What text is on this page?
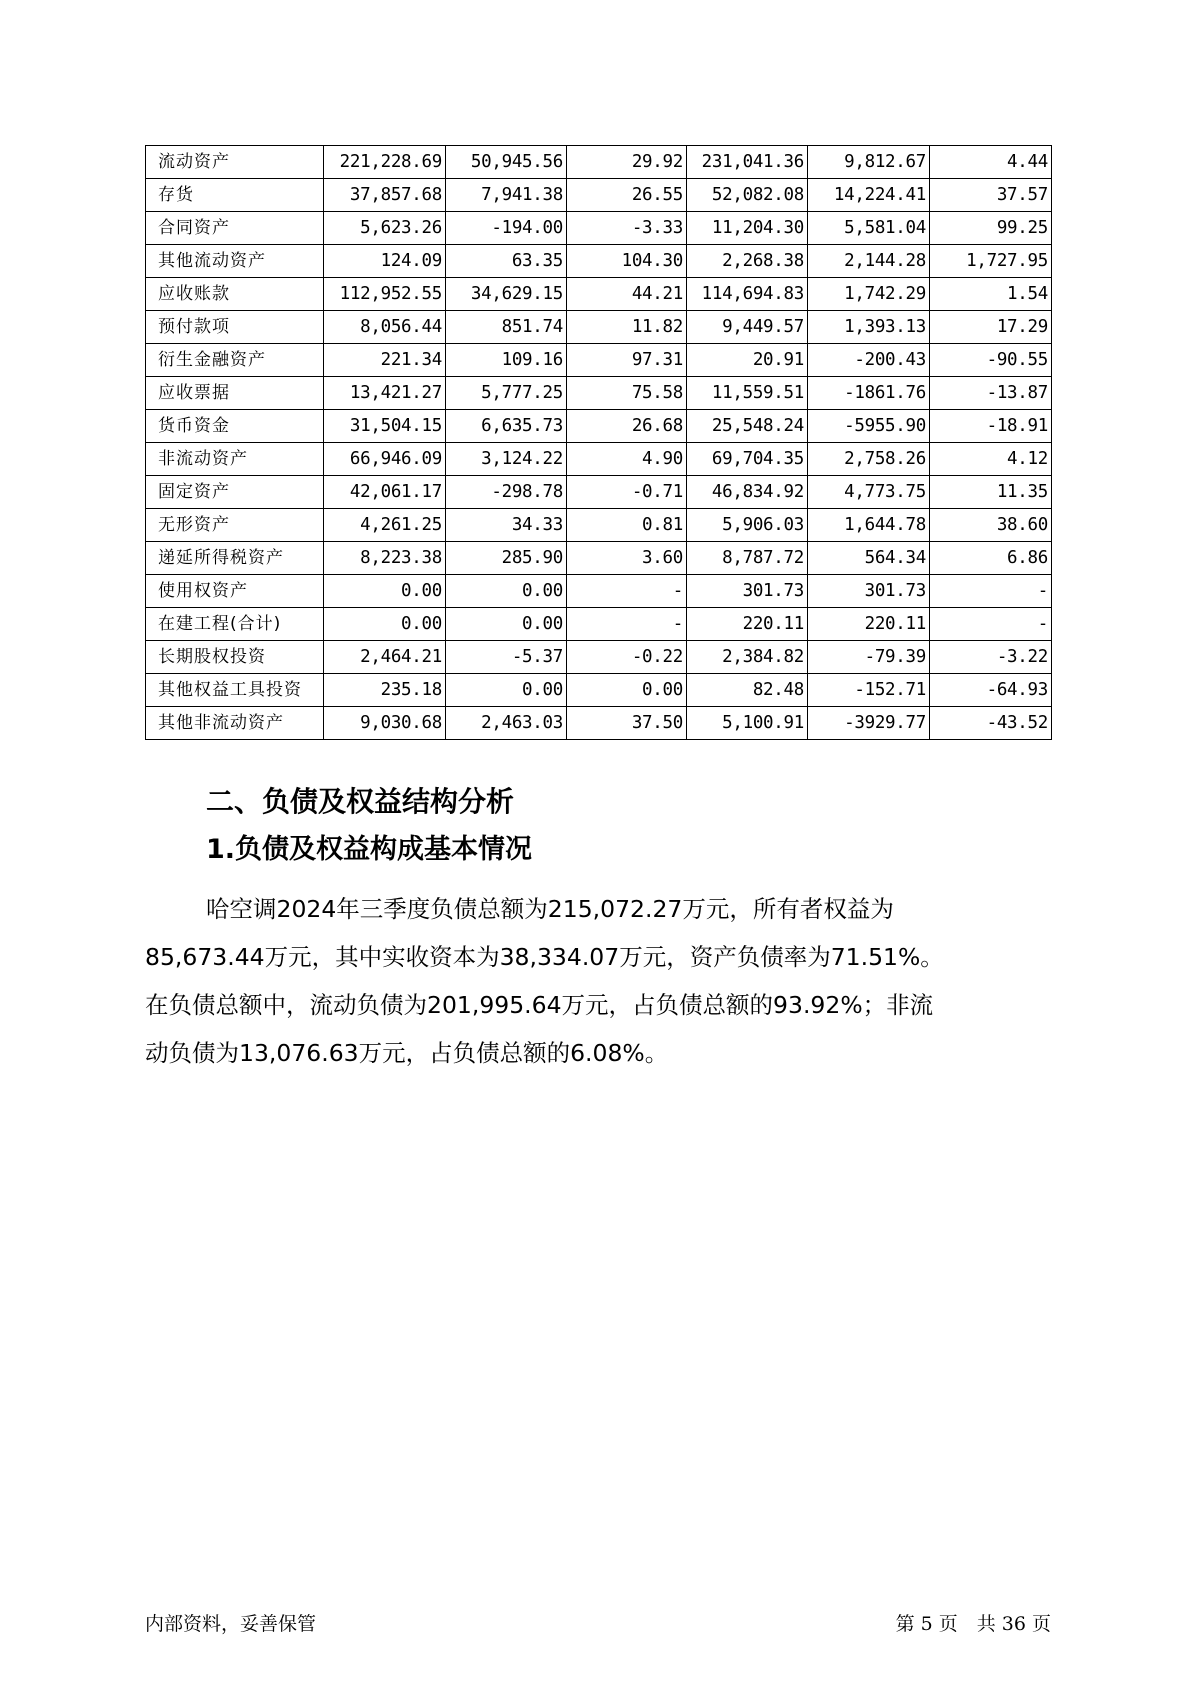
流动资产	221,228.69	50,945.56	29.92	231,041.36	9,812.67	4.44
存货	37,857.68	7,941.38	26.55	52,082.08	14,224.41	37.57
合同资产	5,623.26	-194.00	-3.33	11,204.30	5,581.04	99.25
其他流动资产	124.09	63.35	104.30	2,268.38	2,144.28	1,727.95
应收账款	112,952.55	34,629.15	44.21	114,694.83	1,742.29	1.54
预付款项	8,056.44	851.74	11.82	9,449.57	1,393.13	17.29
衍生金融资产	221.34	109.16	97.31	20.91	-200.43	-90.55
应收票据	13,421.27	5,777.25	75.58	11,559.51	-1861.76	-13.87
货币资金	31,504.15	6,635.73	26.68	25,548.24	-5955.90	-18.91
非流动资产	66,946.09	3,124.22	4.90	69,704.35	2,758.26	4.12
固定资产	42,061.17	-298.78	-0.71	46,834.92	4,773.75	11.35
无形资产	4,261.25	34.33	0.81	5,906.03	1,644.78	38.60
递延所得税资产	8,223.38	285.90	3.60	8,787.72	564.34	6.86
使用权资产	0.00	0.00	-	301.73	301.73	-
在建工程(合计)	0.00	0.00	-	220.11	220.11	-
长期股权投资	2,464.21	-5.37	-0.22	2,384.82	-79.39	-3.22
其他权益工具投资	235.18	0.00	0.00	82.48	-152.71	-64.93
其他非流动资产	9,030.68	2,463.03	37.50	5,100.91	-3929.77	-43.52
二、负债及权益结构分析
1.负债及权益构成基本情况
哈空调2024年三季度负债总额为215,072.27万元，所有者权益为
85,673.44万元，其中实收资本为38,334.07万元，资产负债率为71.51%。
在负债总额中，流动负债为201,995.64万元，占负债总额的93.92%；非流
动负债为13,076.63万元，占负债总额的6.08%。
内部资料，妥善保管	第 5 页　共 36 页
